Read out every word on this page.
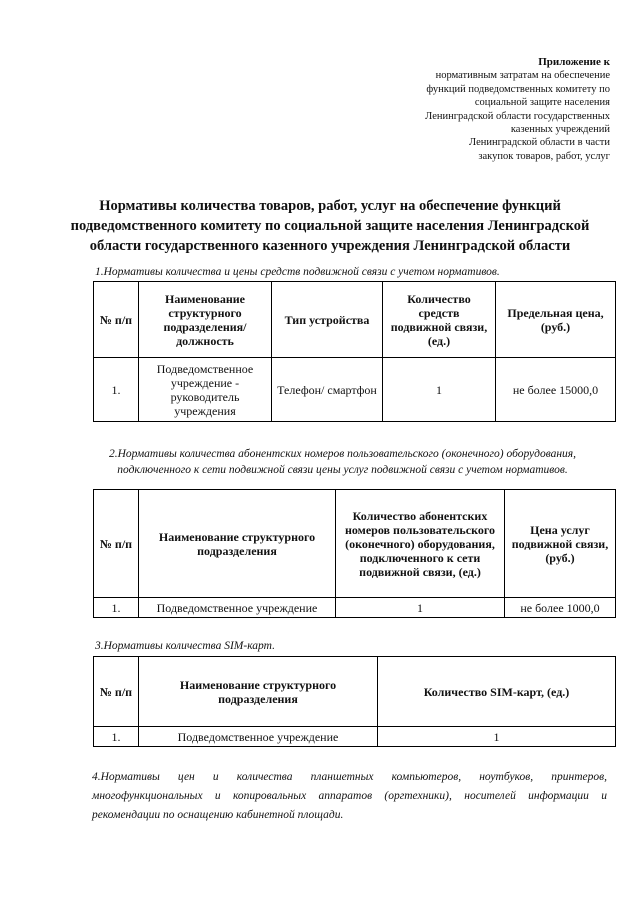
Приложение к
нормативным затратам на обеспечение
функций подведомственных комитету по
социальной защите населения
Ленинградской области государственных
казенных учреждений
Ленинградской области в части
закупок товаров, работ, услуг
Нормативы количества товаров, работ, услуг на обеспечение функций
подведомственного комитету по социальной защите населения Ленинградской
области государственного казенного учреждения Ленинградской области
1.Нормативы количества и цены средств подвижной связи с учетом нормативов.
№ п/п	Наименование структурного подразделения/должность	Тип устройства	Количество средств подвижной связи, (ед.)	Предельная цена, (руб.)
1.	Подведомственное учреждение - руководитель учреждения	Телефон/ смартфон	1	не более 15000,0
2.Нормативы количества абонентских номеров пользовательского (оконечного) оборудования,
подключенного к сети подвижной связи цены услуг подвижной связи с учетом нормативов.
№ п/п	Наименование структурного подразделения	Количество абонентских номеров пользовательского (оконечного) оборудования, подключенного к сети подвижной связи, (ед.)	Цена услуг подвижной связи, (руб.)
1.	Подведомственное учреждение	1	не более 1000,0
3.Нормативы количества SIM-карт.
№ п/п	Наименование структурного подразделения	Количество SIM-карт, (ед.)
1.	Подведомственное учреждение	1
4.Нормативы цен и количества планшетных компьютеров, ноутбуков, принтеров, многофункциональных и копировальных аппаратов (оргтехники), носителей информации и рекомендации по оснащению кабинетной площади.
